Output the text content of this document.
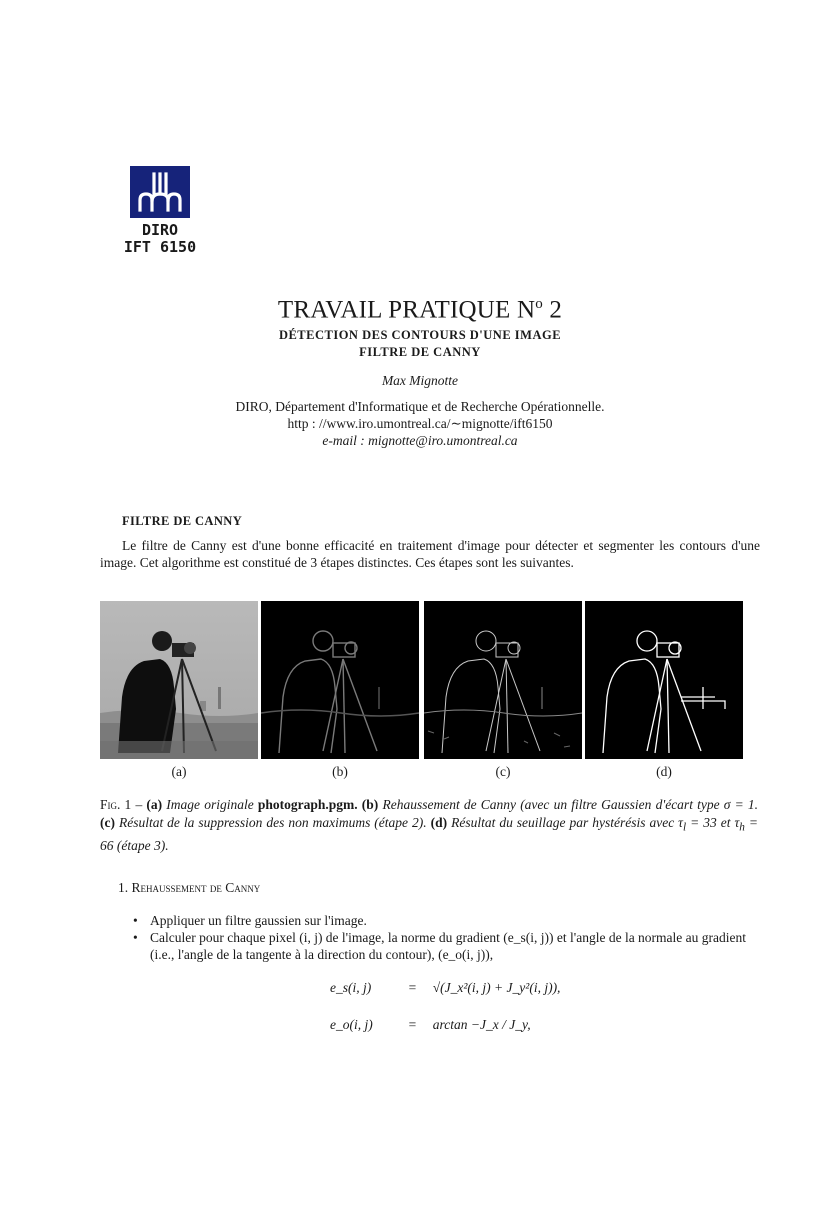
DIRO
IFT 6150
TRAVAIL PRATIQUE $N^o$ 2
DÉTECTION DES CONTOURS D'UNE IMAGE
FILTRE DE CANNY
Max Mignotte
DIRO, Département d'Informatique et de Recherche Opérationnelle.
http : //www.iro.umontreal.ca/∼mignotte/ift6150
e-mail : mignotte@iro.umontreal.ca
FILTRE DE CANNY
Le filtre de Canny est d'une bonne efficacité en traitement d'image pour détecter et segmenter les contours d'une image. Cet algorithme est constitué de 3 étapes distinctes. Ces étapes sont les suivantes.
(a)	(b)	(c)	(d)
Fig. 1 – (a) Image originale photograph.pgm. (b) Rehaussement de Canny (avec un filtre Gaussien d'écart type σ = 1. (c) Résultat de la suppression des non maximums (étape 2). (d) Résultat du seuillage par hystérésis avec $\tau_l = 33$ et $\tau_h = 66$ (étape 3).
1. Rehaussement de Canny
• Appliquer un filtre gaussien sur l'image.
• Calculer pour chaque pixel (i, j) de l'image, la norme du gradient (e_s(i, j)) et l'angle de la normale au gradient (i.e., l'angle de la tangente à la direction du contour), (e_o(i, j)),
e_s(i, j)	= √(J_x²(i, j) + J_y²(i, j)),
e_o(i, j)	= arctan −J_x / J_y,
